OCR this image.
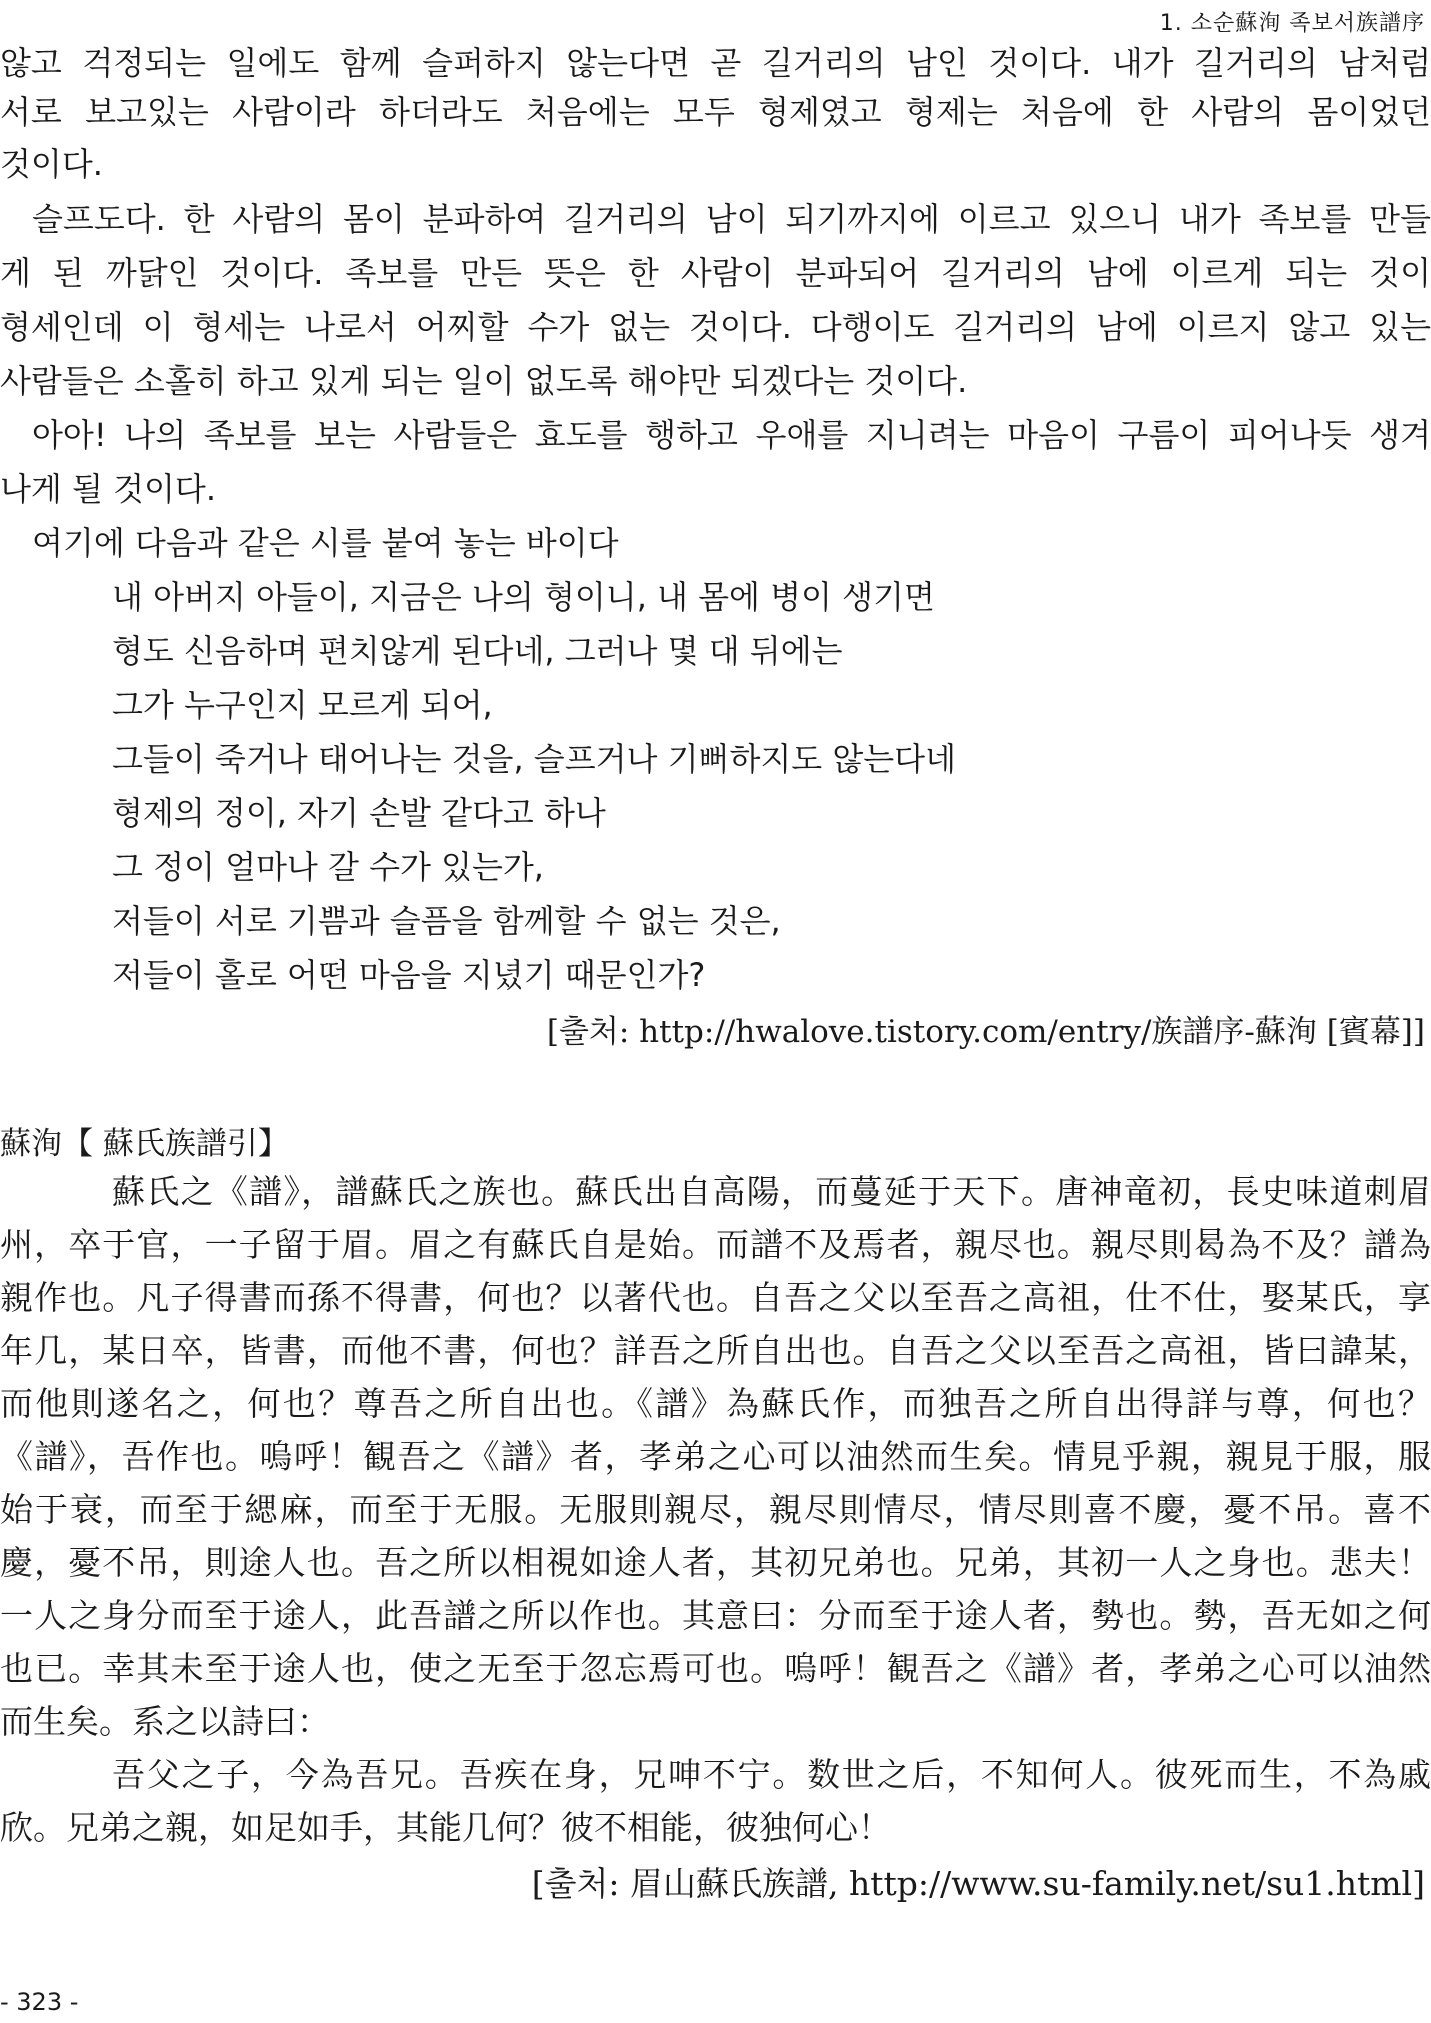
1. 소순蘇洵 족보서族譜序
않고 걱정되는 일에도 함께 슬퍼하지 않는다면 곧 길거리의 남인 것이다. 내가 길거리의 남처럼
서로 보고있는 사람이라 하더라도 처음에는 모두 형제였고 형제는 처음에 한 사람의 몸이었던
것이다.
슬프도다. 한 사람의 몸이 분파하여 길거리의 남이 되기까지에 이르고 있으니 내가 족보를 만들
게 된 까닭인 것이다. 족보를 만든 뜻은 한 사람이 분파되어 길거리의 남에 이르게 되는 것이
형세인데 이 형세는 나로서 어찌할 수가 없는 것이다. 다행이도 길거리의 남에 이르지 않고 있는
사람들은 소홀히 하고 있게 되는 일이 없도록 해야만 되겠다는 것이다.
아아! 나의 족보를 보는 사람들은 효도를 행하고 우애를 지니려는 마음이 구름이 피어나듯 생겨
나게 될 것이다.
여기에 다음과 같은 시를 붙여 놓는 바이다
내 아버지 아들이, 지금은 나의 형이니, 내 몸에 병이 생기면
형도 신음하며 편치않게 된다네, 그러나 몇 대 뒤에는
그가 누구인지 모르게 되어,
그들이 죽거나 태어나는 것을, 슬프거나 기뻐하지도 않는다네
형제의 정이, 자기 손발 같다고 하나
그 정이 얼마나 갈 수가 있는가,
저들이 서로 기쁨과 슬픔을 함께할 수 없는 것은,
저들이 홀로 어떤 마음을 지녔기 때문인가?
[출처: http://hwalove.tistory.com/entry/族譜序-蘇洵 [賓幕]]
蘇洵【 蘇氏族譜引】
蘇氏之《譜》，譜蘇氏之族也。蘇氏出自高陽，而蔓延于天下。唐神竜初，長史味道刺眉
州，卒于官，一子留于眉。眉之有蘇氏自是始。而譜不及焉者，親尽也。親尽則曷為不及？譜為
親作也。凡子得書而孫不得書，何也？以著代也。自吾之父以至吾之高祖，仕不仕，娶某氏，享
年几，某日卒，皆書，而他不書，何也？詳吾之所自出也。自吾之父以至吾之高祖，皆曰諱某，
而他則遂名之，何也？尊吾之所自出也。《譜》為蘇氏作，而独吾之所自出得詳与尊，何也？
《譜》，吾作也。嗚呼！観吾之《譜》者，孝弟之心可以油然而生矣。情見乎親，親見于服，服
始于衰，而至于緦麻，而至于无服。无服則親尽，親尽則情尽，情尽則喜不慶，憂不吊。喜不
慶，憂不吊，則途人也。吾之所以相視如途人者，其初兄弟也。兄弟，其初一人之身也。悲夫！
一人之身分而至于途人，此吾譜之所以作也。其意曰：分而至于途人者，勢也。勢，吾无如之何
也已。幸其未至于途人也，使之无至于忽忘焉可也。嗚呼！観吾之《譜》者，孝弟之心可以油然
而生矣。系之以詩曰：
吾父之子，今為吾兄。吾疾在身，兄呻不宁。数世之后，不知何人。彼死而生，不為戚
欣。兄弟之親，如足如手，其能几何？彼不相能，彼独何心！
[출처: 眉山蘇氏族譜, http://www.su-family.net/su1.html]
- 323 -
